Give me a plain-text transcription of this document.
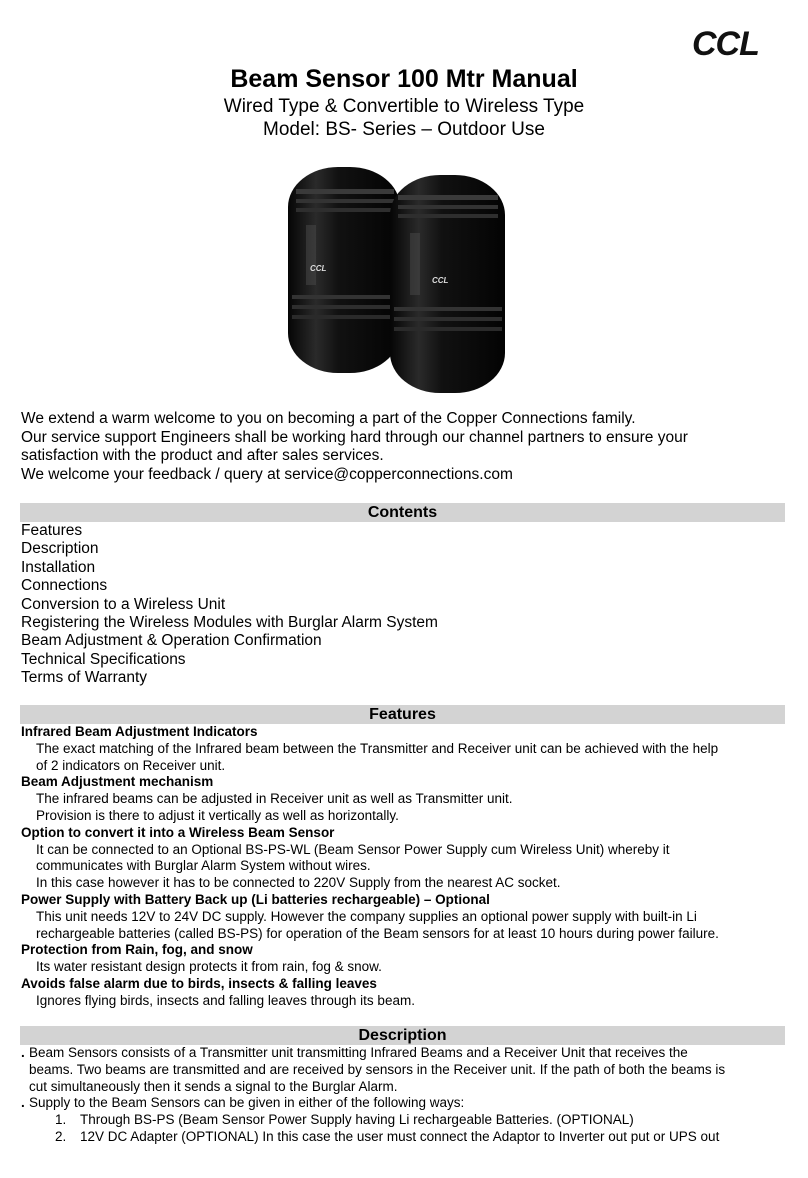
CCL
Beam Sensor 100 Mtr Manual
Wired Type & Convertible to Wireless Type
Model: BS- Series – Outdoor Use
CCL
CCL
We extend a warm welcome to you on becoming a part of the Copper Connections family.
Our service support Engineers shall be working hard through our channel partners to ensure your
satisfaction with the product and after sales services.
We welcome your feedback / query at service@copperconnections.com
Contents
Features
Description
Installation
Connections
Conversion to a Wireless Unit
Registering the Wireless Modules with Burglar Alarm System
Beam Adjustment & Operation Confirmation
Technical Specifications
Terms of Warranty
Features
Infrared Beam Adjustment Indicators
The exact matching of the Infrared beam between the Transmitter and Receiver unit can be achieved with the help
of 2 indicators on Receiver unit.
Beam Adjustment mechanism
The infrared beams can be adjusted in Receiver unit as well as Transmitter unit.
Provision is there to adjust it vertically as well as horizontally.
Option to convert it into a Wireless Beam Sensor
It can be connected to an Optional BS-PS-WL (Beam Sensor Power Supply cum Wireless Unit) whereby it
communicates with Burglar Alarm System without wires.
In this case however it has to be connected to 220V Supply from the nearest AC socket.
Power Supply with Battery Back up (Li batteries rechargeable) – Optional
This unit needs 12V to 24V DC supply. However the company supplies an optional power supply with built-in Li
rechargeable batteries (called BS-PS) for operation of the Beam sensors for at least 10 hours during power failure.
Protection from Rain, fog, and snow
Its water resistant design protects it from rain, fog & snow.
Avoids false alarm due to birds, insects & falling leaves
Ignores flying birds, insects and falling leaves through its beam.
Description
. Beam Sensors consists of a Transmitter unit transmitting Infrared Beams and a Receiver Unit that receives the
beams. Two beams are transmitted and are received by sensors in the Receiver unit. If the path of both the beams is
cut simultaneously then it sends a signal to the Burglar Alarm.
. Supply to the Beam Sensors can be given in either of the following ways:
1. Through BS-PS (Beam Sensor Power Supply having Li rechargeable Batteries. (OPTIONAL)
2. 12V DC Adapter (OPTIONAL) In this case the user must connect the Adaptor to Inverter out put or UPS out
